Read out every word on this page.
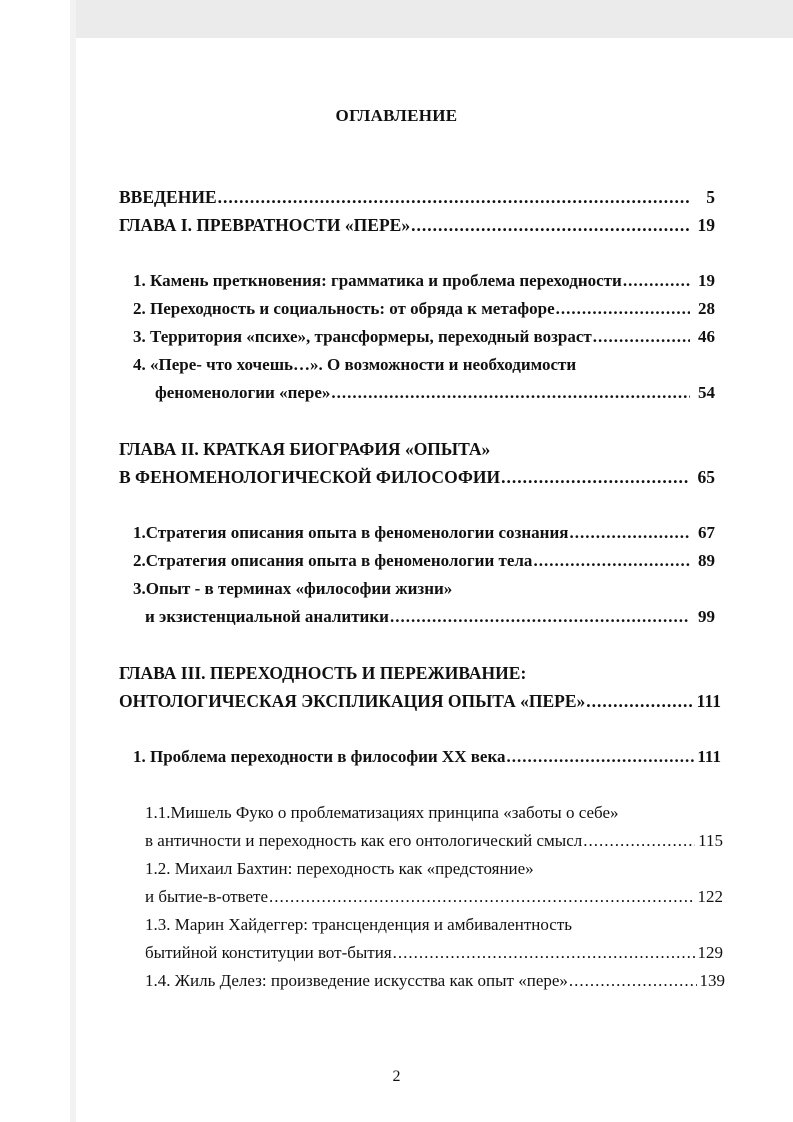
ОГЛАВЛЕНИЕ
ВВЕДЕНИЕ .....	5
ГЛАВА I. ПРЕВРАТНОСТИ «ПЕРЕ» .....	19
1. Камень преткновения: грамматика и проблема переходности .....	19
2. Переходность и социальность: от обряда к метафоре .....	28
3. Территория «психе», трансформеры, переходный возраст .....	46
4. «Пере- что хочешь…». О возможности и необходимости
феноменологии «пере» .....	54
ГЛАВА II. КРАТКАЯ БИОГРАФИЯ «ОПЫТА»
В ФЕНОМЕНОЛОГИЧЕСКОЙ ФИЛОСОФИИ .....	65
1.Стратегия описания опыта в феноменологии сознания .....	67
2.Стратегия описания опыта в феноменологии тела .....	89
3.Опыт - в терминах «философии жизни»
и экзистенциальной аналитики .....	99
ГЛАВА III. ПЕРЕХОДНОСТЬ И ПЕРЕЖИВАНИЕ:
ОНТОЛОГИЧЕСКАЯ ЭКСПЛИКАЦИЯ ОПЫТА «ПЕРЕ» .....	111
1. Проблема переходности в философии XX века .....	111
1.1.Мишель Фуко о проблематизациях принципа «заботы о себе»
в античности и переходность как его онтологический смысл .....	115
1.2. Михаил Бахтин: переходность как «предстояние»
и бытие-в-ответе .....	122
1.3. Марин Хайдеггер: трансценденция и амбивалентность
бытийной конституции вот-бытия .....	129
1.4. Жиль Делез: произведение искусства как опыт «пере» .....	139
2
